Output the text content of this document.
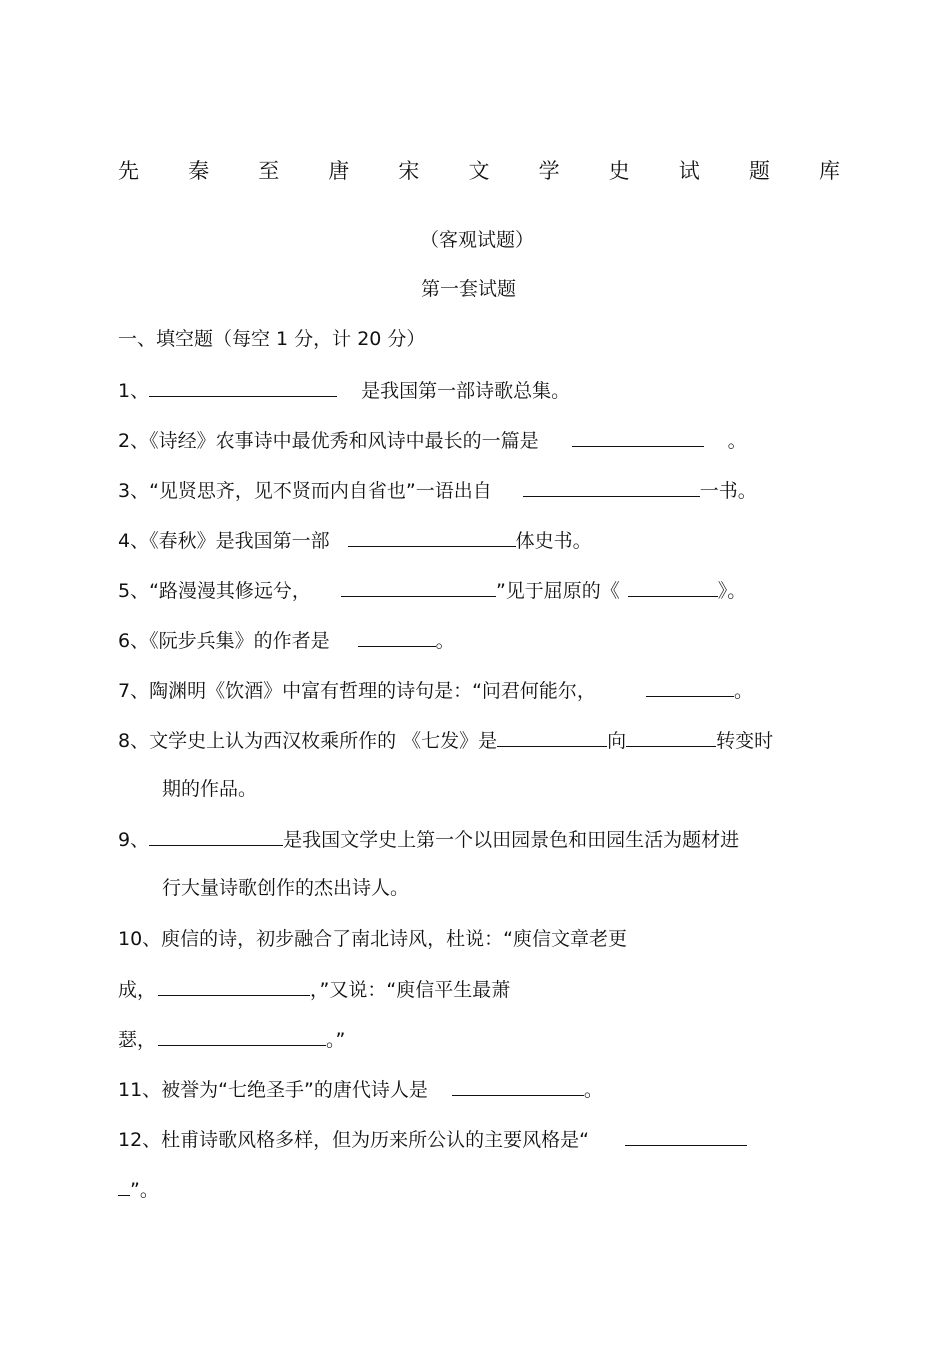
先 秦 至 唐 宋 文 学 史 试 题 库
（客观试题）
第一套试题
一、填空题（每空 1 分，计 20 分）
1、	是我国第一部诗歌总集。
2、《诗经》农事诗中最优秀和风诗中最长的一篇是	。
3、“见贤思齐，见不贤而内自省也”一语出自	一书。
4、《春秋》是我国第一部	体史书。
5、“路漫漫其修远兮，	”见于屈原的《	》。
6、《阮步兵集》的作者是	。
7、陶渊明《饮酒》中富有哲理的诗句是：“问君何能尔，	。
8、文学史上认为西汉枚乘所作的 《七发》是	向	转变时
期的作品。
9、	是我国文学史上第一个以田园景色和田园生活为题材进
行大量诗歌创作的杰出诗人。
10、庾信的诗，初步融合了南北诗风，杜说：“庾信文章老更
成，	，”又说：“庾信平生最萧
瑟，	。”
11、被誉为“七绝圣手”的唐代诗人是	。
12、杜甫诗歌风格多样，但为历来所公认的主要风格是“
”。
